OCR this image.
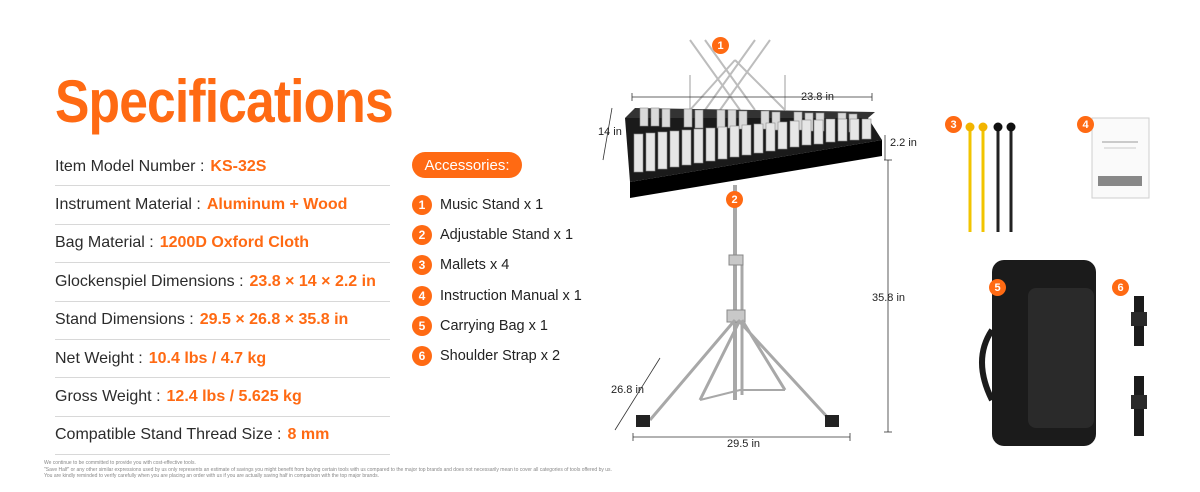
Specifications
Item Model Number : KS-32S
Instrument Material : Aluminum + Wood
Bag Material : 1200D Oxford Cloth
Glockenspiel Dimensions : 23.8 × 14 × 2.2 in
Stand Dimensions : 29.5 × 26.8 × 35.8 in
Net Weight : 10.4 lbs / 4.7 kg
Gross Weight : 12.4 lbs / 5.625 kg
Compatible Stand Thread Size : 8 mm
Accessories:
1	Music Stand x 1
2	Adjustable Stand x 1
3	Mallets x 4
4	Instruction Manual x 1
5	Carrying Bag x 1
6	Shoulder Strap x 2
1
2
3	4
5	6
23.8 in
14 in
2.2 in
35.8 in
26.8 in
29.5 in
We continue to be committed to provide you with cost-effective tools.
"Save Half" or any other similar expressions used by us only represents an estimate of savings you might benefit from buying certain tools with us compared to the major top brands and does not necessarily mean to cover all categories of tools offered by us.
You are kindly reminded to verify carefully when you are placing an order with us if you are actually saving half in comparison with the top major brands.
